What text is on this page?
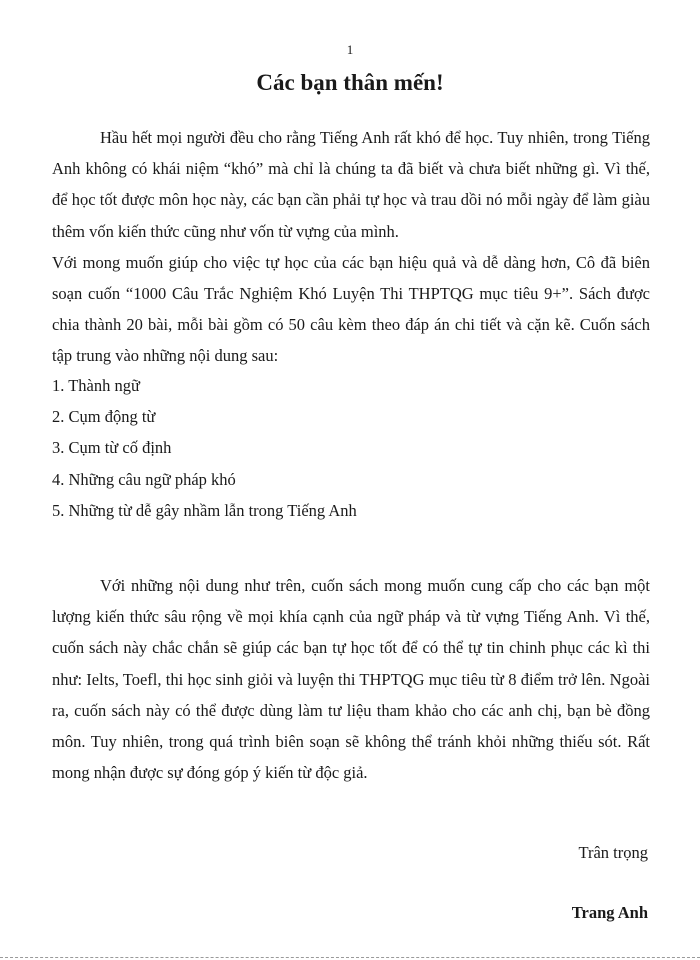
1
Các bạn thân mến!

Hầu hết mọi người đều cho rằng Tiếng Anh rất khó để học. Tuy nhiên, trong Tiếng Anh không có khái niệm “khó” mà chỉ là chúng ta đã biết và chưa biết những gì. Vì thế, để học tốt được môn học này, các bạn cần phải tự học và trau dồi nó mỗi ngày để làm giàu thêm vốn kiến thức cũng như vốn từ vựng của mình.

Với mong muốn giúp cho việc tự học của các bạn hiệu quả và dễ dàng hơn, Cô đã biên soạn cuốn “1000 Câu Trắc Nghiệm Khó Luyện Thi THPTQG mục tiêu 9+”. Sách được chia thành 20 bài, mỗi bài gồm có 50 câu kèm theo đáp án chi tiết và cặn kẽ. Cuốn sách tập trung vào những nội dung sau:

1. Thành ngữ
2. Cụm động từ
3. Cụm từ cố định
4. Những câu ngữ pháp khó
5. Những từ dễ gây nhầm lẫn trong Tiếng Anh

Với những nội dung như trên, cuốn sách mong muốn cung cấp cho các bạn một lượng kiến thức sâu rộng về mọi khía cạnh của ngữ pháp và từ vựng Tiếng Anh. Vì thế, cuốn sách này chắc chắn sẽ giúp các bạn tự học tốt để có thể tự tin chinh phục các kì thi như: Ielts, Toefl, thi học sinh giỏi và luyện thi THPTQG mục tiêu từ 8 điểm trở lên. Ngoài ra, cuốn sách này có thể được dùng làm tư liệu tham khảo cho các anh chị, bạn bè đồng môn. Tuy nhiên, trong quá trình biên soạn sẽ không thể tránh khỏi những thiếu sót. Rất mong nhận được sự đóng góp ý kiến từ độc giả.

Trân trọng
Trang Anh
